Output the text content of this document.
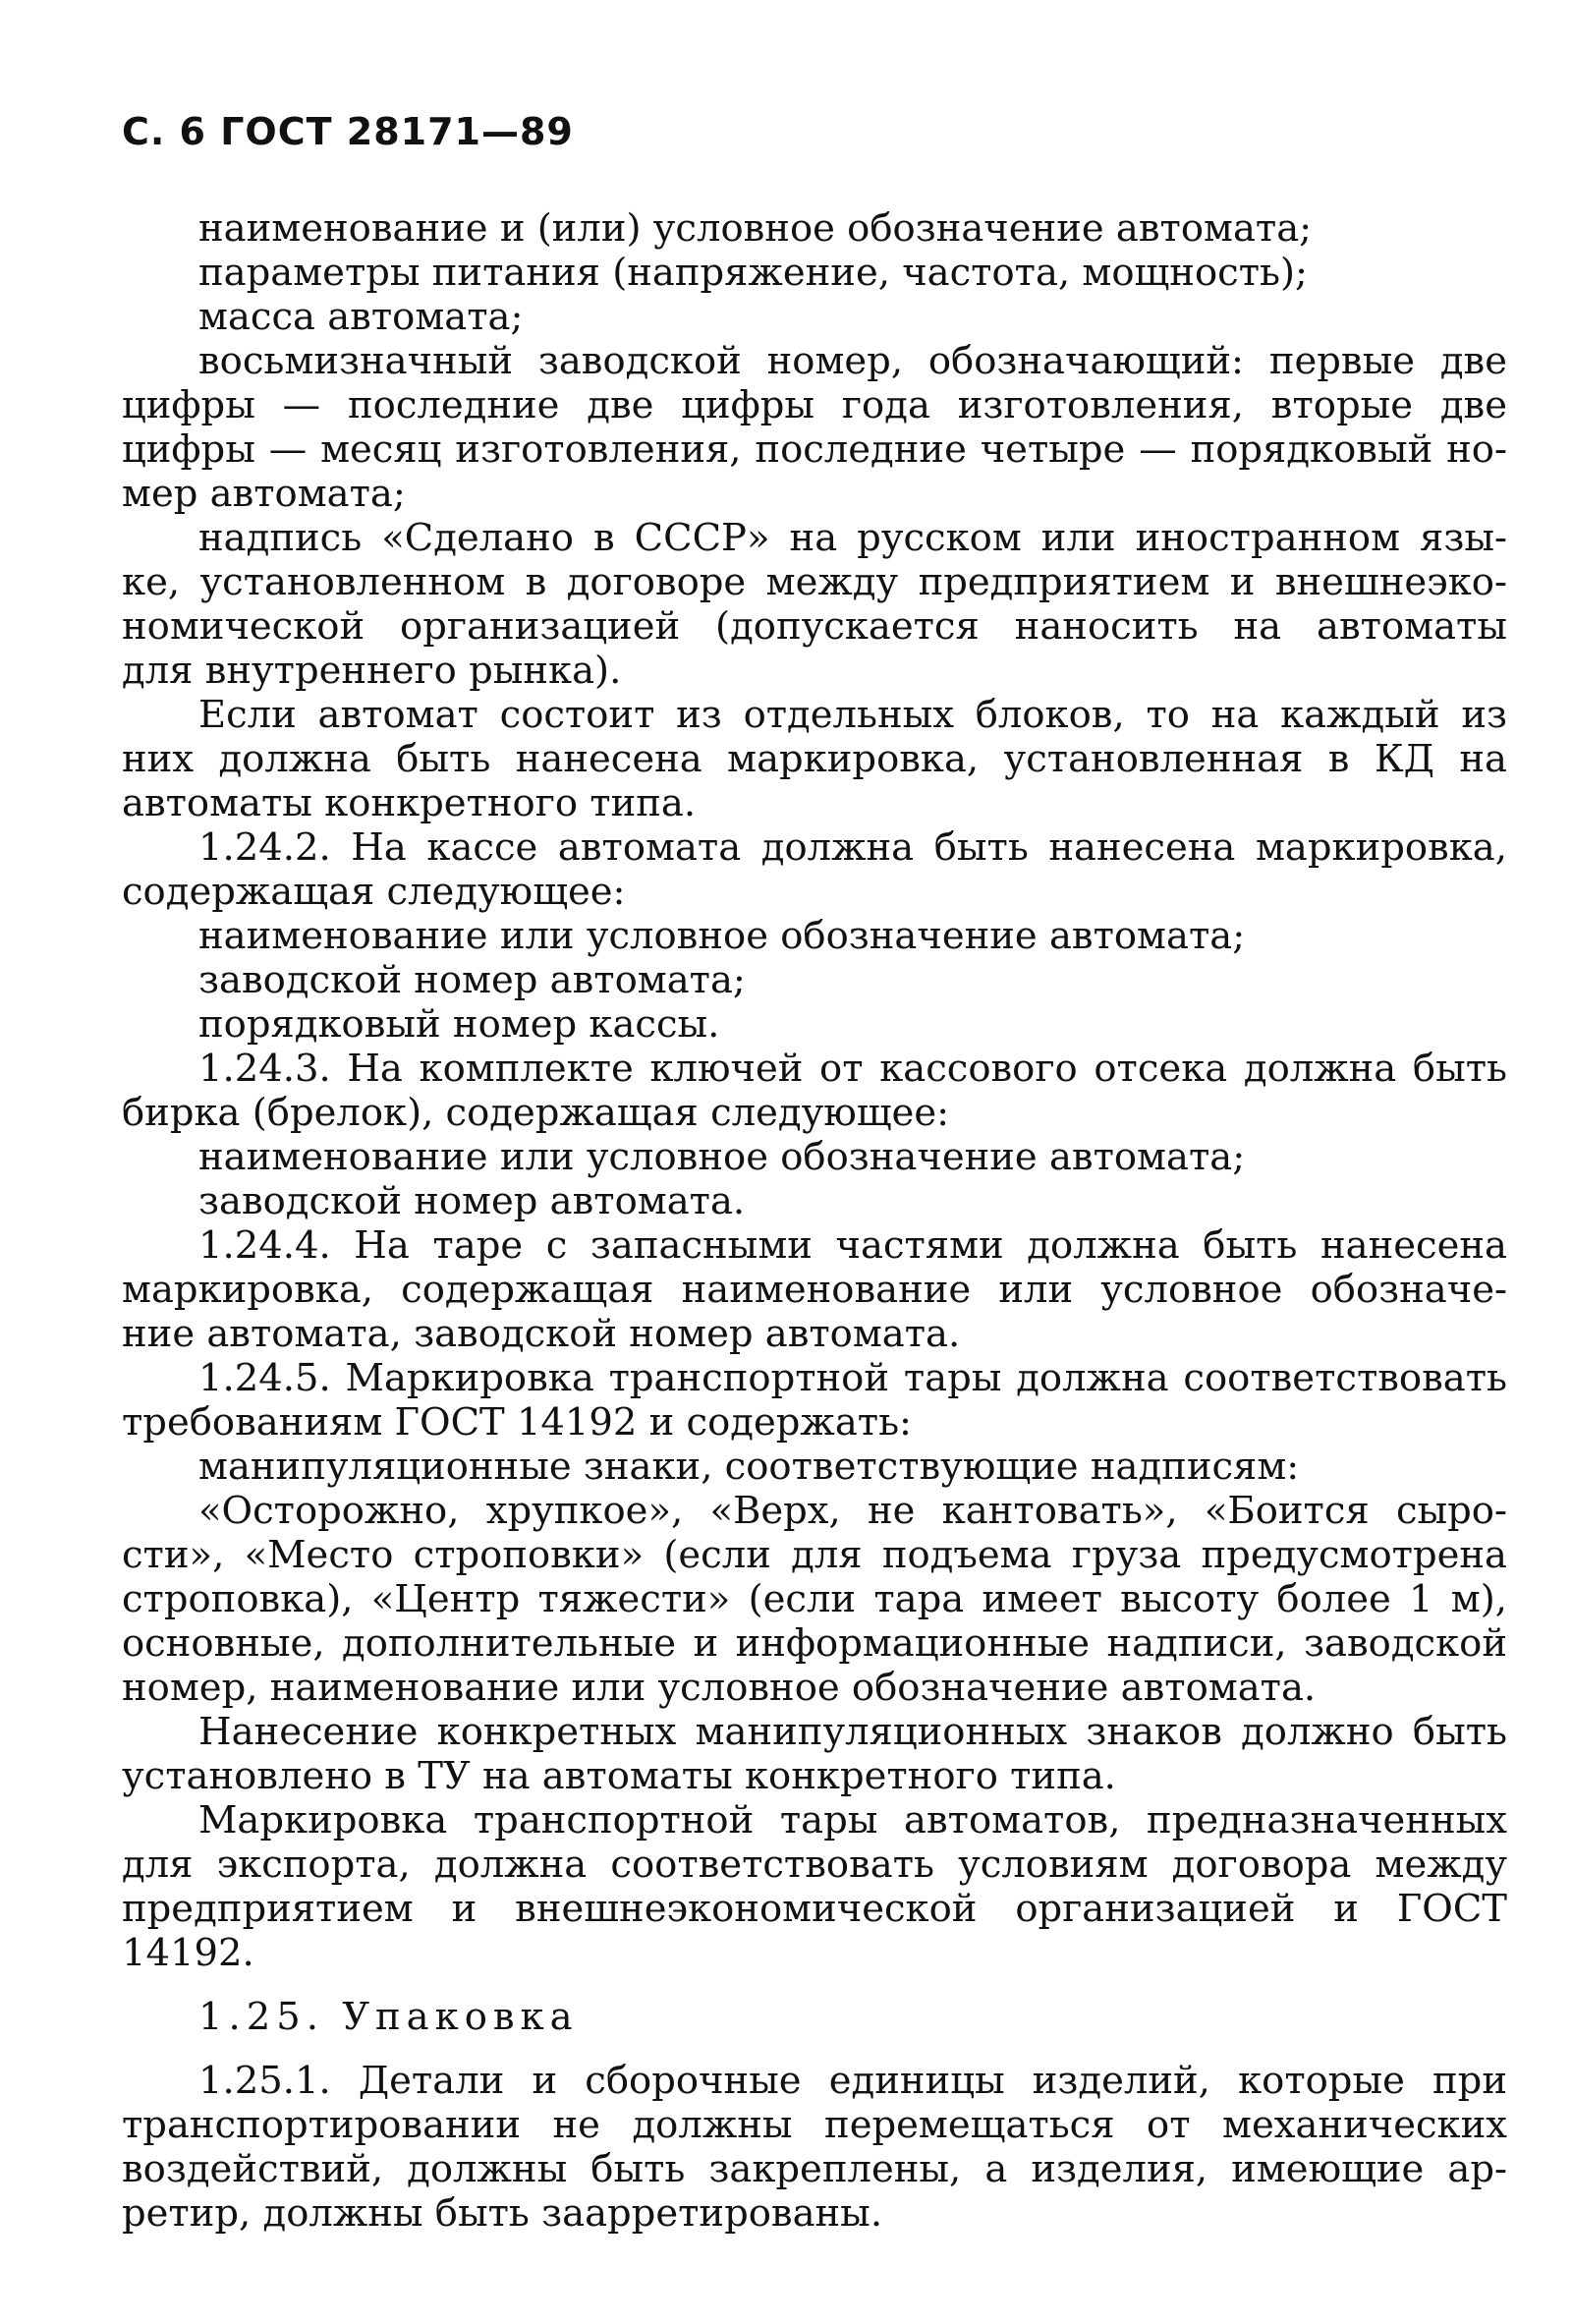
С. 6 ГОСТ 28171—89
наименование и (или) условное обозначение автомата;
параметры питания (напряжение, частота, мощность);
масса автомата;
восьмизначный заводской номер, обозначающий: первые две
цифры — последние две цифры года изготовления, вторые две
цифры — месяц изготовления, последние четыре — порядковый но-
мер автомата;
надпись «Сделано в СССР» на русском или иностранном язы-
ке, установленном в договоре между предприятием и внешнеэко-
номической организацией (допускается наносить на автоматы
для внутреннего рынка).
Если автомат состоит из отдельных блоков, то на каждый из
них должна быть нанесена маркировка, установленная в КД на
автоматы конкретного типа.
1.24.2. На кассе автомата должна быть нанесена маркировка,
содержащая следующее:
наименование или условное обозначение автомата;
заводской номер автомата;
порядковый номер кассы.
1.24.3. На комплекте ключей от кассового отсека должна быть
бирка (брелок), содержащая следующее:
наименование или условное обозначение автомата;
заводской номер автомата.
1.24.4. На таре с запасными частями должна быть нанесена
маркировка, содержащая наименование или условное обозначе-
ние автомата, заводской номер автомата.
1.24.5. Маркировка транспортной тары должна соответствовать
требованиям ГОСТ 14192 и содержать:
манипуляционные знаки, соответствующие надписям:
«Осторожно, хрупкое», «Верх, не кантовать», «Боится сыро-
сти», «Место строповки» (если для подъема груза предусмотрена
строповка), «Центр тяжести» (если тара имеет высоту более 1 м),
основные, дополнительные и информационные надписи, заводской
номер, наименование или условное обозначение автомата.
Нанесение конкретных манипуляционных знаков должно быть
установлено в ТУ на автоматы конкретного типа.
Маркировка транспортной тары автоматов, предназначенных
для экспорта, должна соответствовать условиям договора между
предприятием и внешнеэкономической организацией и ГОСТ
14192.
1.25. Упаковка
1.25.1. Детали и сборочные единицы изделий, которые при
транспортировании не должны перемещаться от механических
воздействий, должны быть закреплены, а изделия, имеющие ар-
ретир, должны быть заарретированы.
